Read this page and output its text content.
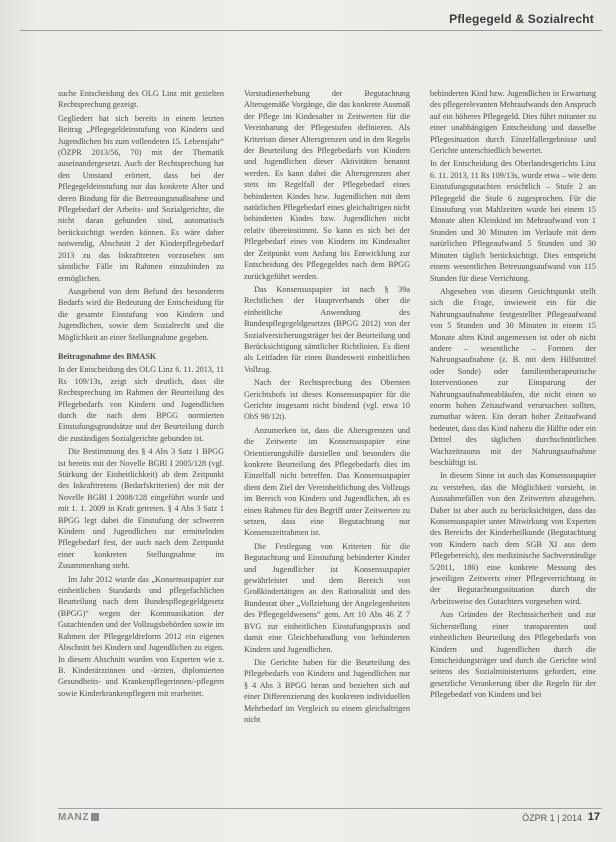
Pflegegeld & Sozialrecht

suche Entscheidung des OLG Linz mit gezielten Rechtsprechung gezeigt.

Gegliedert hat sich bereits in einem letzten Beitrag „Pflegegeldeinstufung von Kindern und Jugendlichen bis zum vollendeten 15. Lebensjahr“ (ÖZPR 2013/56, 70) mit der Thematik auseinandergesetzt. Auch der Rechtsprechung hat den Umstand erörtert, dass bei der Pflegegeldeinstufung nur das konkrete Alter und deren Bindung für die Betreuungsmaßnahme und Pflegebedarf der Arbeits- und Sozialgerichte, die nicht daran gebunden sind, automatisch berücksichtigt werden können. Es wäre daher notwendig, Abschnitt 2 der Kinderpflegebedarf 2013 zu das Inkrafttreten vorzusehen um sämtliche Fälle im Rahmen einzubinden zu ermöglichen.

Ausgehend von dem Befund des besonderen Bedarfs wird die Bedeutung der Entscheidung für die gesamte Einstufung von Kindern und Jugendlichen, sowie dem Sozialrecht und die Möglichkeit an einer Stellungnahme gegeben.

Beitragsnahme des BMASK

In der Entscheidung des OLG Linz 6. 11. 2013, 11 Rs 109/13s, zeigt sich deutlich, dass die Rechtsprechung im Rahmen der Beurteilung des Pflegebedarfs von Kindern und Jugendlichen durch die nach dem BPGG normierten Einstufungsgrundsätze und der Beurteilung durch die zuständigen Sozialgerichte gebunden ist.

Die Bestimmung des § 4 Abs 3 Satz 1 BPGG ist bereits mit der Novelle BGBl I 2005/128 (vgl. Stärkung der Einheitlichkeit) ab dem Zeitpunkt des Inkrafttretens (Bedarfskriterien) der mit der Novelle BGBl I 2008/128 eingeführt wurde und mit 1. 1. 2009 in Kraft getreten. § 4 Abs 3 Satz 1 BPGG legt dabei die Einstufung der schweren Kindern und Jugendlichen zur ermittelnden Pflegebedarf fest, der auch nach dem Zeitpunkt einer konkreten Stellungnahme im Zusammenhang steht.

Im Jahr 2012 wurde das „Konsensuspapier zur einheitlichen Standards und pflegefachlichen Beurteilung nach dem Bundespflegegeldgesetz (BPGG)“ wegen der Kommunikation der Gutachtenden und der Vollzugsbehörden sowie im Rahmen der Pflegegeldreform 2012 ein eigenes Abschnitt bei Kindern und Jugendlichen zu eigen. In diesem Abschnitt wurden von Experten wie z. B. Kinderärztinnen und -ärzten, diplomierten Gesundheits- und Krankenpflegerinnen/-pflegern sowie Kinderkrankenpflegern mit erarbeitet.

Vorstudienerhebung der Begutachtung Altersgemäße Vorgänge, die das konkrete Ausmaß der Pflege im Kindesalter in Zeitwerten für die Vereinbarung der Pflegestufen definieren. Als Kriterium dieser Altersgrenzen und in den Regeln der Beurteilung des Pflegebedarfs von Kindern und Jugendlichen dieser Aktivitäten benannt werden. Es kann dabei die Altersgrenzen aber stets im Regelfall der Pflegebedarf eines behinderten Kindes bzw. Jugendlichen mit dem natürlichen Pflegebedarf eines gleichaltrigen nicht behinderten Kindes bzw. Jugendlichen nicht relativ übereinstimmt. So kann es sich bei der Pflegebedarf eines von Kindern im Kindesalter der Zeitpunkt vom Anfang bis Entwicklung zur Entscheidung des Pflegegeldes nach dem BPGG zurückgeführt werden.

Das Konsensuspapier ist nach § 39a Rechtlichen der Hauptverbands über die einheitliche Anwendung des Bundespflegegeldgesetzes (BPGG 2012) von der Sozialversicherungsträger bei der Beurteilung und Berücksichtigung sämtlicher Richtlinien. Es dient als Leitfaden für einen Bundesweit einheitlichen Vollzug.

Nach der Rechtsprechung des Obersten Gerichtshofs ist dieses Konsensuspapier für die Gerichte insgesamt nicht bindend (vgl. etwa 10 ObS 98/12t).

Anzumerken ist, dass die Altersgrenzen und die Zeitwerte im Konsensuspapier eine Orientierungshilfe darstellen und besonders die konkrete Beurteilung des Pflegebedarfs dies im Einzelfall nicht betreffen. Das Konsensuspapier dient dem Ziel der Vereinheitlichung des Vollzugs im Bereich von Kindern und Jugendlichen, ab es einen Rahmen für den Begriff unter Zeitwerten zu setzen, dass eine Begutachtung nur Konsenszeitrahmen ist.

Die Festlegung von Kriterien für die Begutachtung und Einstufung behinderter Kinder und Jugendlicher ist Konsensuspapier gewährleistet und dem Bereich von Großkindertätigen an den Rationalität und den Bundesrat über „Vollziehung der Angelegenheiten des Pflegegeldwesens“ gem. Art 10 Abs 46 Z 7 BVG zur einheitlichen Einstufungspraxis und damit eine Gleichbehandlung von behinderten Kindern und Jugendlichen.

Die Gerichte haben für die Beurteilung des Pflegebedarfs von Kindern und Jugendlichen nur § 4 Abs 3 BPGG heran und beziehen sich auf einer Differenzierung des konkreten individuellen Mehrbedarf im Vergleich zu einem gleichaltrigen nicht

behinderten Kind bzw. Jugendlichen in Erwartung des pflegerelevanten Mehraufwands den Anspruch auf ein höheres Pflegegeld. Dies führt mitunter zu einer unabhängigen Entscheidung und dasselbe Pflegesituation durch Einzelfallergebnisse und Gerichte unterschiedlich bewertet.

In der Entscheidung des Oberlandesgerichts Linz 6. 11. 2013, 11 Rs 109/13s, wurde etwa – wie dem Einstufungsgutachten ersichtlich – Stufe 2 an Pflegegeld die Stufe 6 zugesprochen. Für die Einstufung von Mahlzeiten wurde bei einem 15 Monate alten Kleinkind im Mehraufwand von 1 Stunden und 30 Minuten im Verlaufe mit dem natürlichen Pflegeaufwand 5 Stunden und 30 Minuten täglich berücksichtigt. Dies entspricht einem wesentlichen Betreuungsaufwand von 115 Stunden für diese Verrichtung.

Abgesehen von diesem Gesichtspunkt stellt sich die Frage, inwieweit ein für die Nahrungsaufnahme festgestellter Pflegeaufwand von 5 Stunden und 30 Minuten in einem 15 Monate alten Kind angemessen ist oder ob nicht andere – wesentliche – Formen der Nahrungsaufnahme (z. B. mit dem Hilfsmittel oder Sonde) oder familientherapeutische Interventionen zur Einsparung der Nahrungsaufnahmeabläufen, die nicht einen so enorm hohen Zeitaufwand verursachen sollten, zumutbar wären. Ein derart hoher Zeitaufwand bedeutet, dass das Kind nahezu die Hälfte oder ein Drittel des täglichen durchschnittlichen Wachzeitraums mit der Nahrungsaufnahme beschäftigt ist.

In diesem Sinne ist auch das Konsensuspapier zu verstehen, das die Möglichkeit vorsieht, in Ausnahmefällen von den Zeitwerten abzugehen. Daher ist aber auch zu berücksichtigen, dass das Konsensuspapier unter Mitwirkung von Experten des Bereichs der Kinderheilkunde (Begutachtung von Kindern nach dem SGB XI aus dem Pflegebereich), den medizinische Sachverständige 5/2011, 186) eine konkrete Messung des jeweiligen Zeitwerts einer Pflegeverrichtung in der Begutachtungssituation durch die Arbeitsweise des Gutachters vorgesehen wird.

Aus Gründen der Rechtssicherheit und zur Sicherstellung einer transparenten und einheitlichen Beurteilung des Pflegebedarfs von Kindern und Jugendlichen durch die Entscheidungsträger und durch die Gerichte wird seitens des Sozialministeriums gefordert, eine gesetzliche Verankerung über die Regeln für der Pflegebedarf von Kindern und bei

MANZ	ÖZPR 1 | 2014 17
